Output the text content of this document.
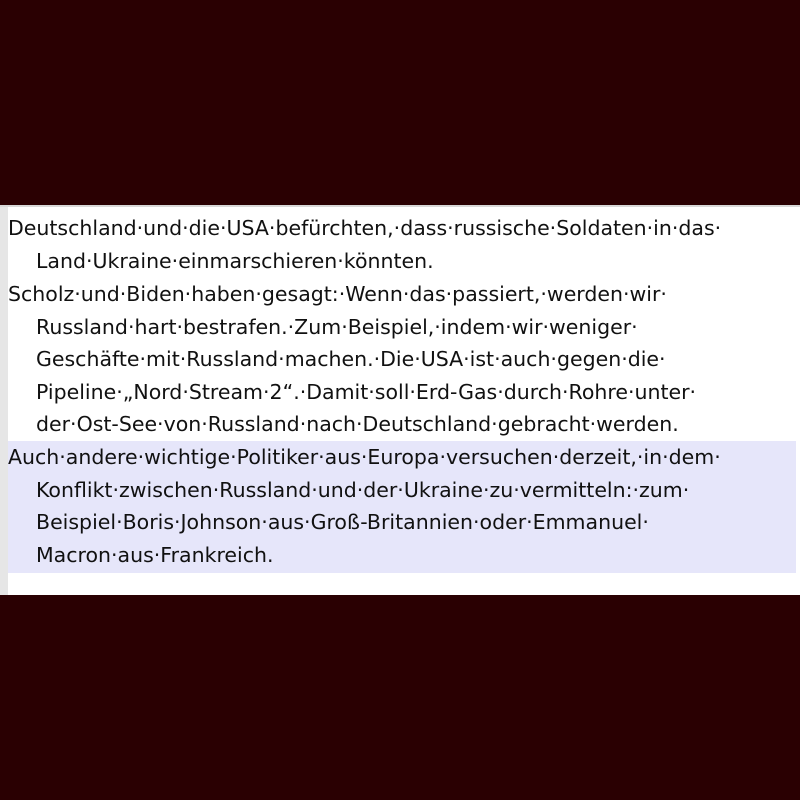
Deutschland·und·die·USA·befürchten,·dass·russische·Soldaten·in·das·
Land·Ukraine·einmarschieren·könnten.
Scholz·und·Biden·haben·gesagt:·Wenn·das·passiert,·werden·wir·
Russland·hart·bestrafen.·Zum·Beispiel,·indem·wir·weniger·
Geschäfte·mit·Russland·machen.·Die·USA·ist·auch·gegen·die·
Pipeline·„Nord·Stream·2“.·Damit·soll·Erd-Gas·durch·Rohre·unter·
der·Ost-See·von·Russland·nach·Deutschland·gebracht·werden.
Auch·andere·wichtige·Politiker·aus·Europa·versuchen·derzeit,·in·dem·
Konflikt·zwischen·Russland·und·der·Ukraine·zu·vermitteln:·zum·
Beispiel·Boris·Johnson·aus·Groß-Britannien·oder·Emmanuel·
Macron·aus·Frankreich.
